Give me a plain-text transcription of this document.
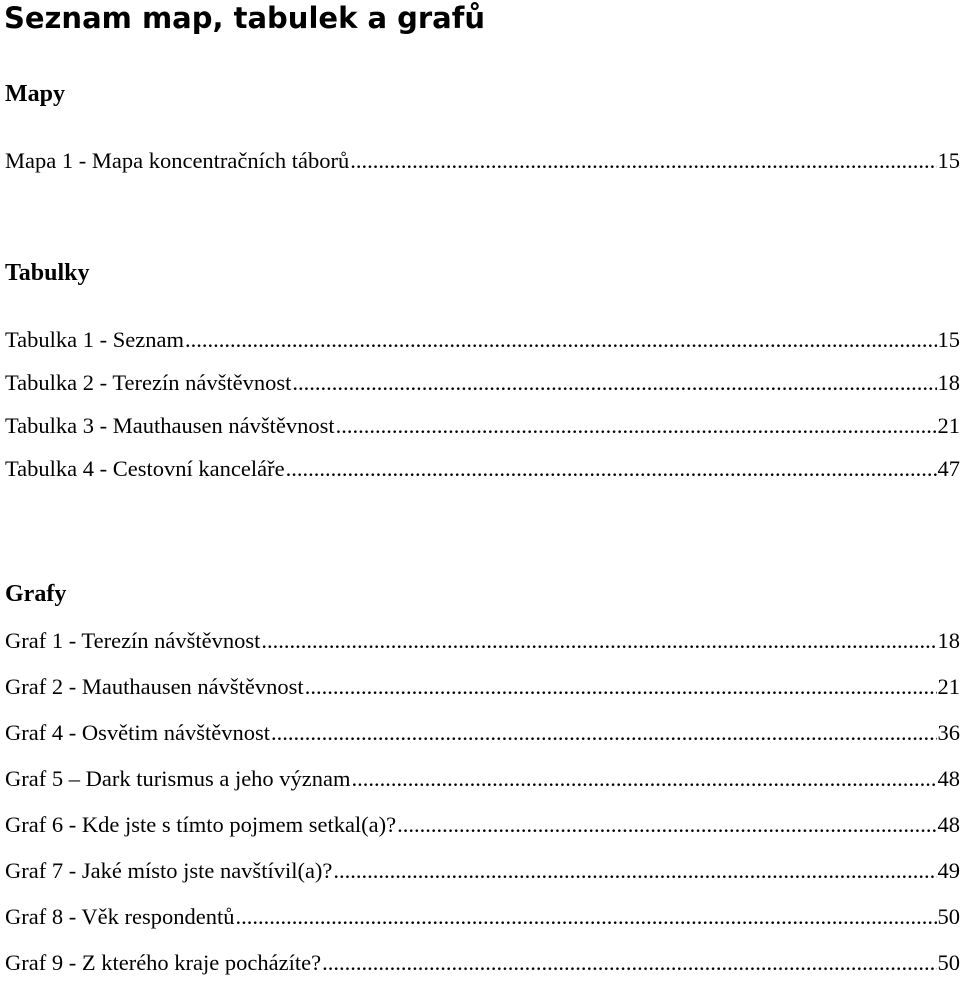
Seznam map, tabulek a grafů
Mapy
Mapa 1 - Mapa koncentračních táborů .....	15
Tabulky
Tabulka 1 - Seznam .....	15
Tabulka 2 - Terezín návštěvnost .....	18
Tabulka 3 - Mauthausen návštěvnost .....	21
Tabulka 4 - Cestovní kanceláře .....	47
Grafy
Graf 1 - Terezín návštěvnost .....	18
Graf 2 - Mauthausen návštěvnost .....	21
Graf 4 - Osvětim návštěvnost .....	36
Graf 5 – Dark turismus a jeho význam .....	48
Graf 6 - Kde jste s tímto pojmem setkal(a)? .....	48
Graf 7 - Jaké místo jste navštívil(a)? .....	49
Graf 8 - Věk respondentů .....	50
Graf 9 - Z kterého kraje pocházíte? .....	50
